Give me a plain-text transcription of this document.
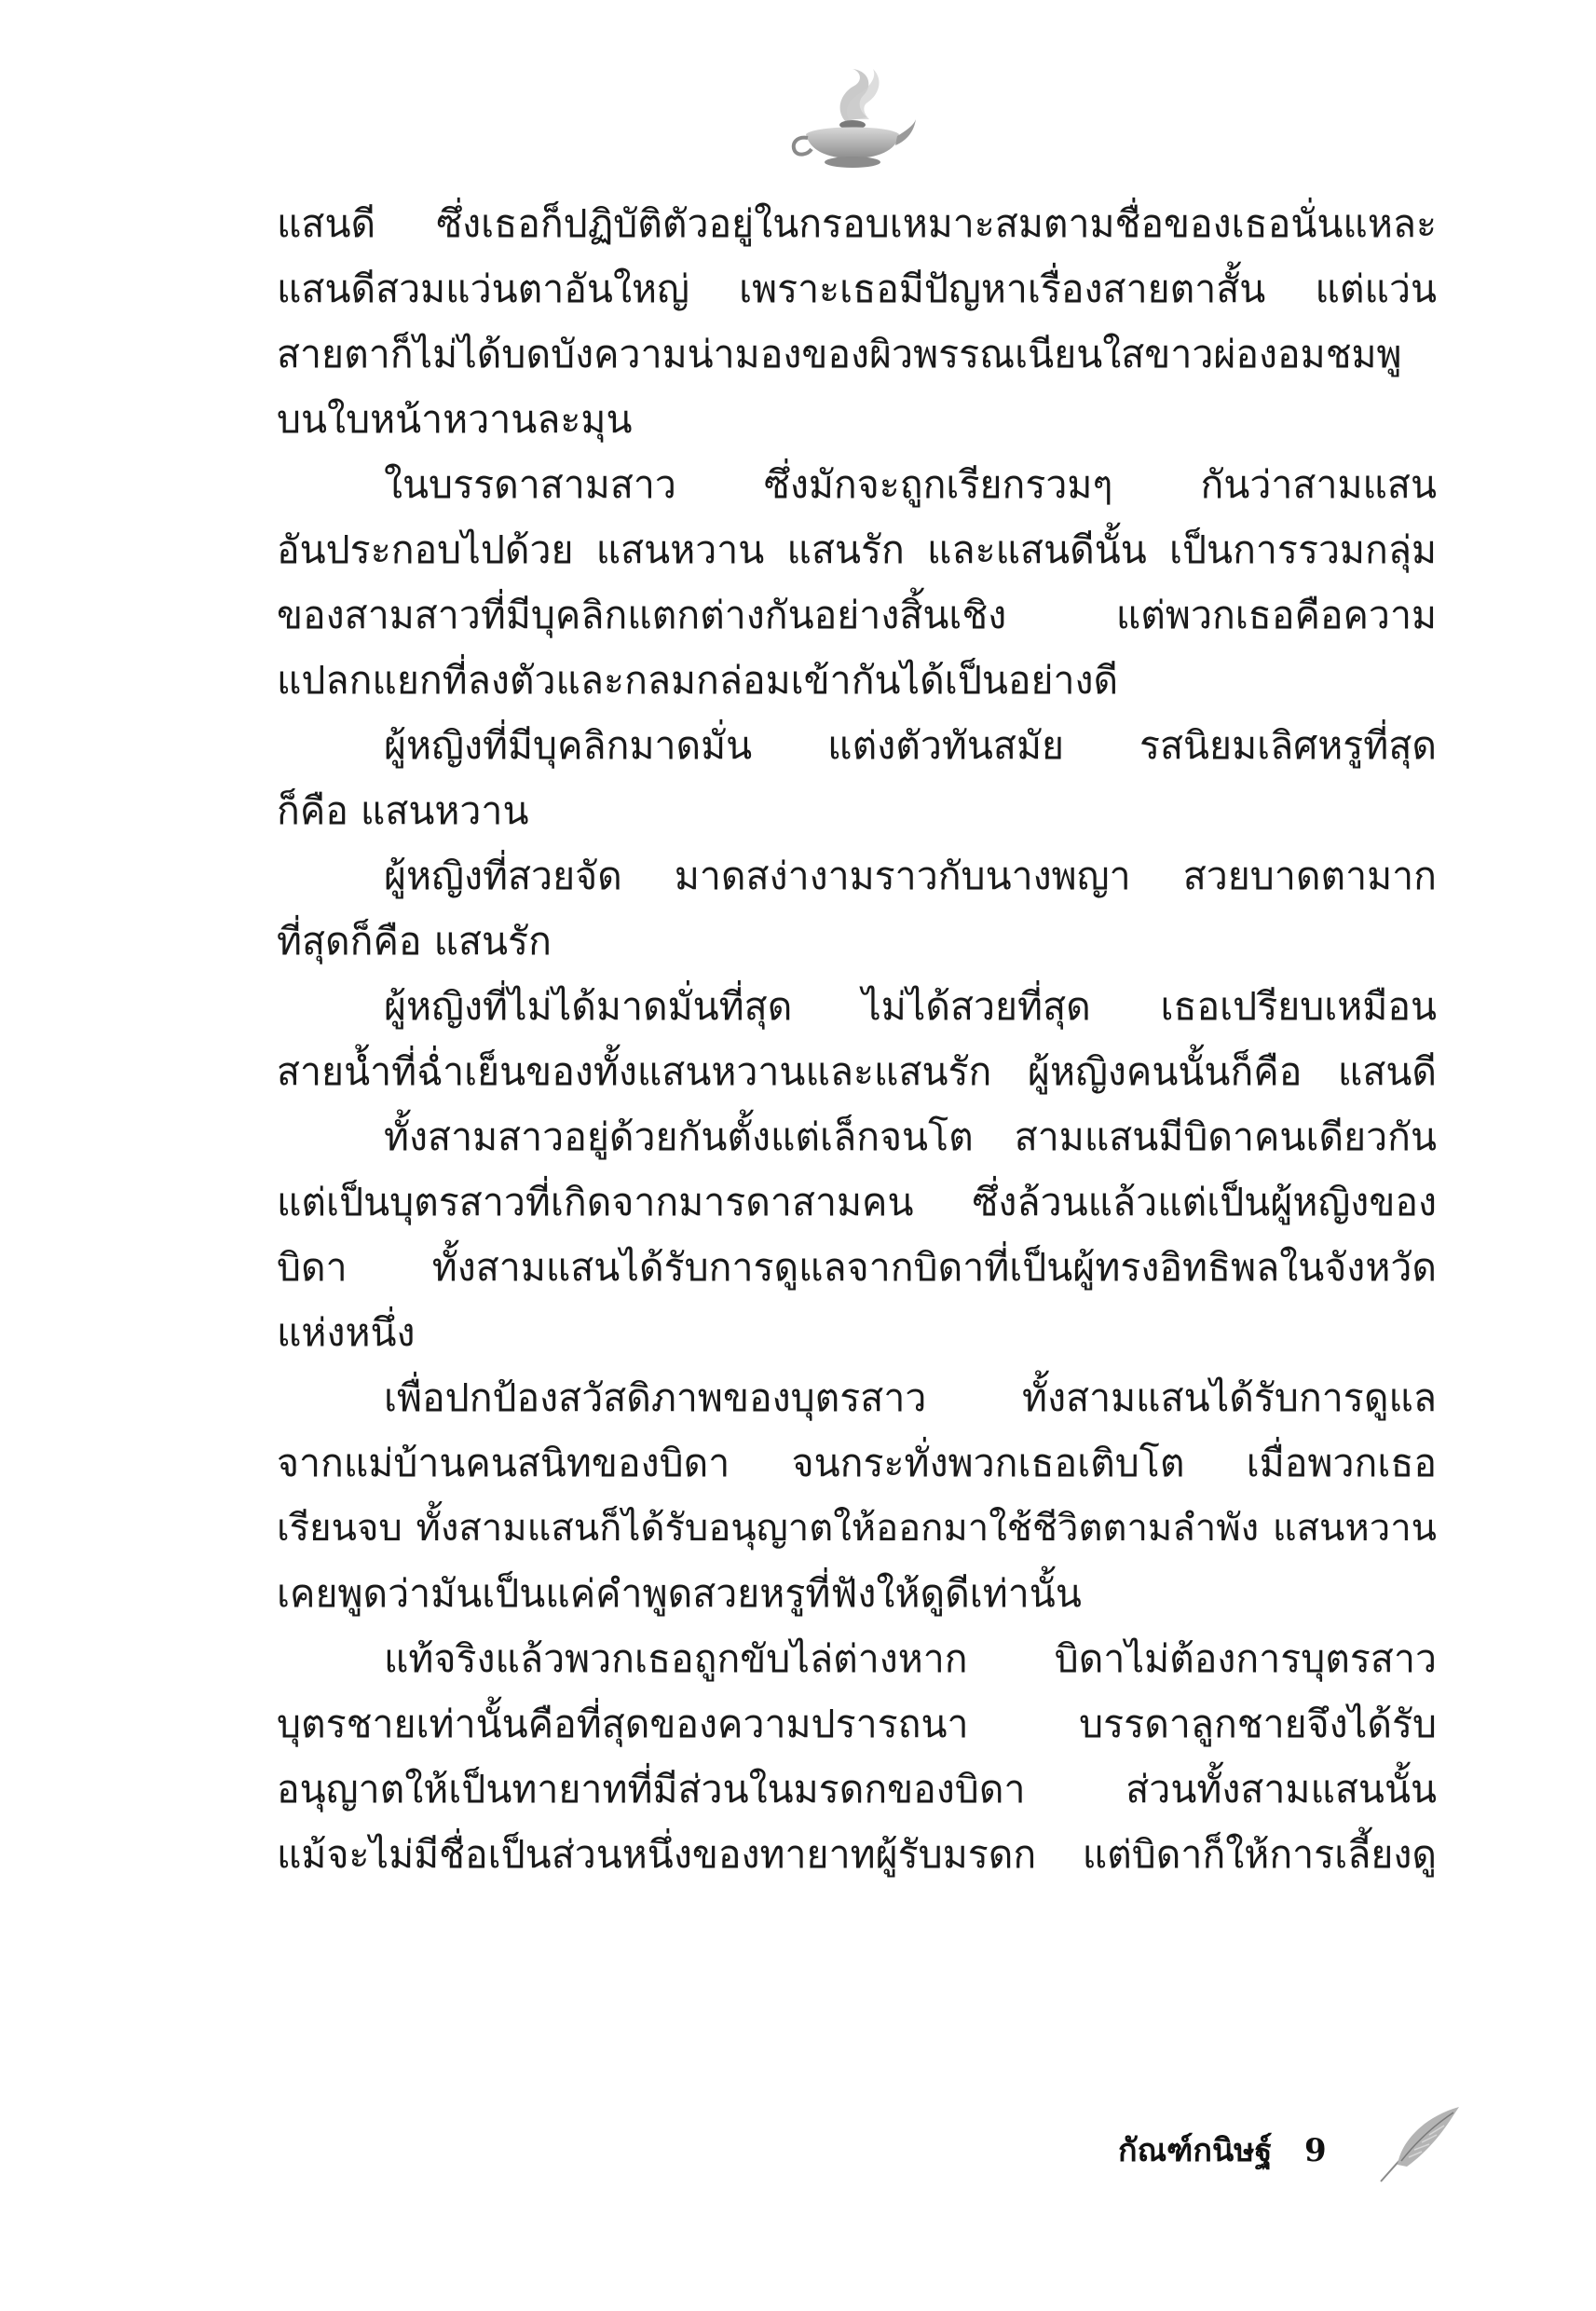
แสนดี ซึ่งเธอก็ปฏิบัติตัวอยู่ในกรอบเหมาะสมตามชื่อของเธอนั่นแหละ
แสนดีสวมแว่นตาอันใหญ่ เพราะเธอมีปัญหาเรื่องสายตาสั้น แต่แว่น
สายตาก็ไม่ได้บดบังความน่ามองของผิวพรรณเนียนใสขาวผ่องอมชมพู
บนใบหน้าหวานละมุน
ในบรรดาสามสาว ซึ่งมักจะถูกเรียกรวมๆ กันว่าสามแสน
อันประกอบไปด้วย แสนหวาน แสนรัก และแสนดีนั้น เป็นการรวมกลุ่ม
ของสามสาวที่มีบุคลิกแตกต่างกันอย่างสิ้นเชิง แต่พวกเธอคือความ
แปลกแยกที่ลงตัวและกลมกล่อมเข้ากันได้เป็นอย่างดี
ผู้หญิงที่มีบุคลิกมาดมั่น แต่งตัวทันสมัย รสนิยมเลิศหรูที่สุด
ก็คือ แสนหวาน
ผู้หญิงที่สวยจัด มาดสง่างามราวกับนางพญา สวยบาดตามาก
ที่สุดก็คือ แสนรัก
ผู้หญิงที่ไม่ได้มาดมั่นที่สุด ไม่ได้สวยที่สุด เธอเปรียบเหมือน
สายน้ำที่ฉ่ำเย็นของทั้งแสนหวานและแสนรัก ผู้หญิงคนนั้นก็คือ แสนดี
ทั้งสามสาวอยู่ด้วยกันตั้งแต่เล็กจนโต สามแสนมีบิดาคนเดียวกัน
แต่เป็นบุตรสาวที่เกิดจากมารดาสามคน ซึ่งล้วนแล้วแต่เป็นผู้หญิงของ
บิดา ทั้งสามแสนได้รับการดูแลจากบิดาที่เป็นผู้ทรงอิทธิพลในจังหวัด
แห่งหนึ่ง
เพื่อปกป้องสวัสดิภาพของบุตรสาว ทั้งสามแสนได้รับการดูแล
จากแม่บ้านคนสนิทของบิดา จนกระทั่งพวกเธอเติบโต เมื่อพวกเธอ
เรียนจบ ทั้งสามแสนก็ได้รับอนุญาตให้ออกมาใช้ชีวิตตามลำพัง แสนหวาน
เคยพูดว่ามันเป็นแค่คำพูดสวยหรูที่ฟังให้ดูดีเท่านั้น
แท้จริงแล้วพวกเธอถูกขับไล่ต่างหาก บิดาไม่ต้องการบุตรสาว
บุตรชายเท่านั้นคือที่สุดของความปรารถนา บรรดาลูกชายจึงได้รับ
อนุญาตให้เป็นทายาทที่มีส่วนในมรดกของบิดา ส่วนทั้งสามแสนนั้น
แม้จะไม่มีชื่อเป็นส่วนหนึ่งของทายาทผู้รับมรดก แต่บิดาก็ให้การเลี้ยงดู
กัณฑ์กนิษฐ์ 9
